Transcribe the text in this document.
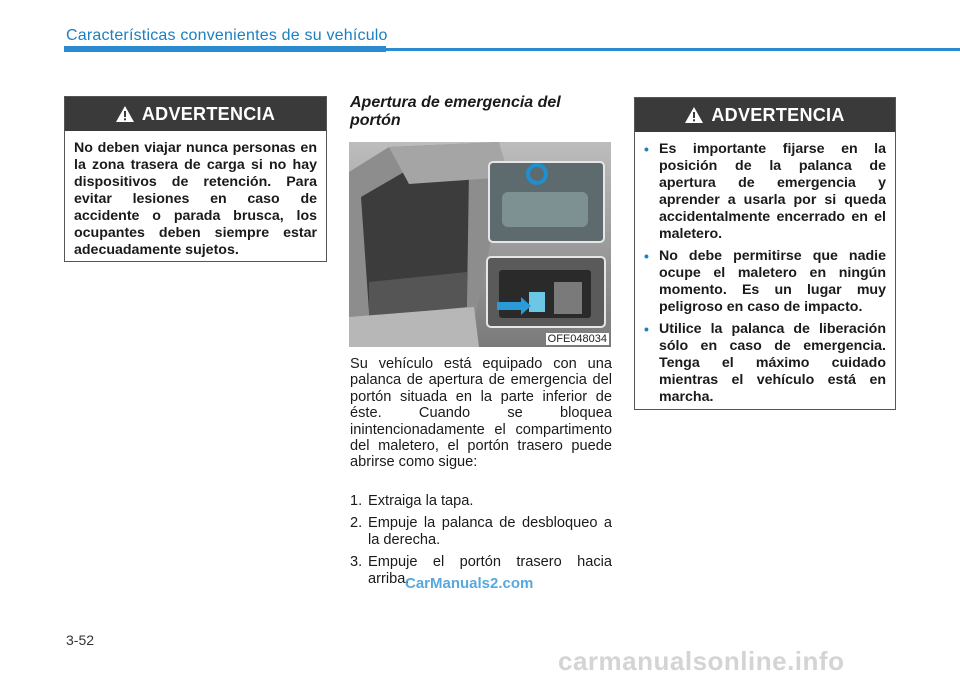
Características convenientes de su vehículo
ADVERTENCIA
No deben viajar nunca personas en la zona trasera de carga si no hay dispositivos de retención. Para evitar lesiones en caso de accidente o parada brusca, los ocupantes deben siempre estar adecuadamente sujetos.
Apertura de emergencia del portón
OFE048034
Su vehículo está equipado con una palanca de apertura de emergencia del portón situada en la parte inferior de éste. Cuando se bloquea inintencionadamente el compartimento del maletero, el portón trasero puede abrirse como sigue:
1. Extraiga la tapa.
2. Empuje la palanca de desbloqueo a la derecha.
3. Empuje el portón trasero hacia arriba.
ADVERTENCIA
• Es importante fijarse en la posición de la palanca de apertura de emergencia y aprender a usarla por si queda accidentalmente encerrado en el maletero.
• No debe permitirse que nadie ocupe el maletero en ningún momento. Es un lugar muy peligroso en caso de impacto.
• Utilice la palanca de liberación sólo en caso de emergencia. Tenga el máximo cuidado mientras el vehículo está en marcha.
CarManuals2.com
3-52
carmanualsonline.info
